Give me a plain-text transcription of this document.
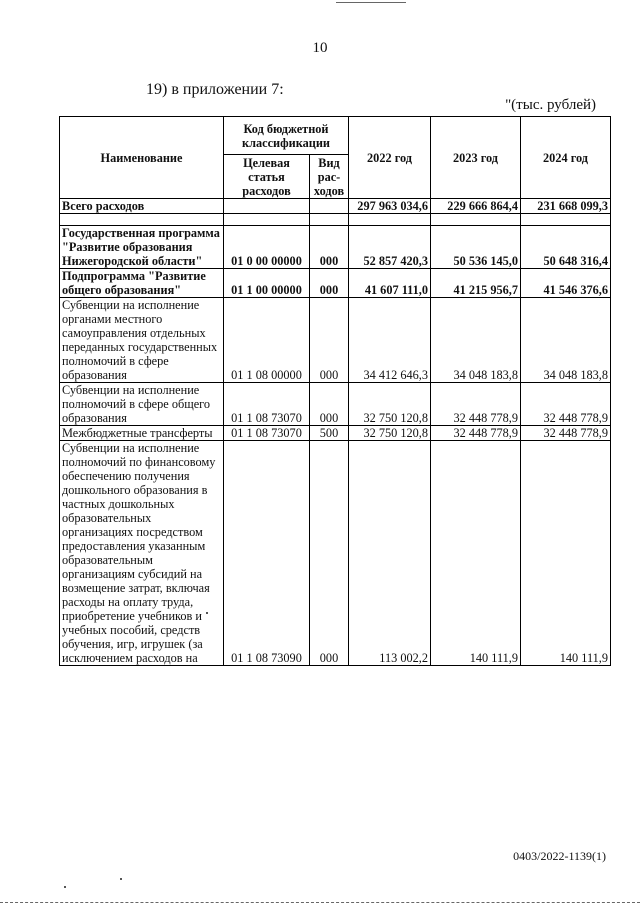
10
19) в приложении 7:
"(тыс. рублей)
Наименование	Код бюджетной классификации		2022 год	2023 год	2024 год
	Целевая статья расходов	Вид рас- ходов			
Всего расходов			297 963 034,6	229 666 864,4	231 668 099,3

Государственная программа "Развитие образования Нижегородской области"	01 0 00 00000	000	52 857 420,3	50 536 145,0	50 648 316,4
Подпрограмма "Развитие общего образования"	01 1 00 00000	000	41 607 111,0	41 215 956,7	41 546 376,6
Субвенции на исполнение органами местного самоуправления отдельных переданных государственных полномочий в сфере образования	01 1 08 00000	000	34 412 646,3	34 048 183,8	34 048 183,8
Субвенции на исполнение полномочий в сфере общего образования	01 1 08 73070	000	32 750 120,8	32 448 778,9	32 448 778,9
Межбюджетные трансферты	01 1 08 73070	500	32 750 120,8	32 448 778,9	32 448 778,9
Субвенции на исполнение полномочий по финансовому обеспечению получения дошкольного образования в частных дошкольных образовательных организациях посредством предоставления указанным образовательным организациям субсидий на возмещение затрат, включая расходы на оплату труда, приобретение учебников и учебных пособий, средств обучения, игр, игрушек (за исключением расходов на	01 1 08 73090	000	113 002,2	140 111,9	140 111,9
0403/2022-1139(1)
